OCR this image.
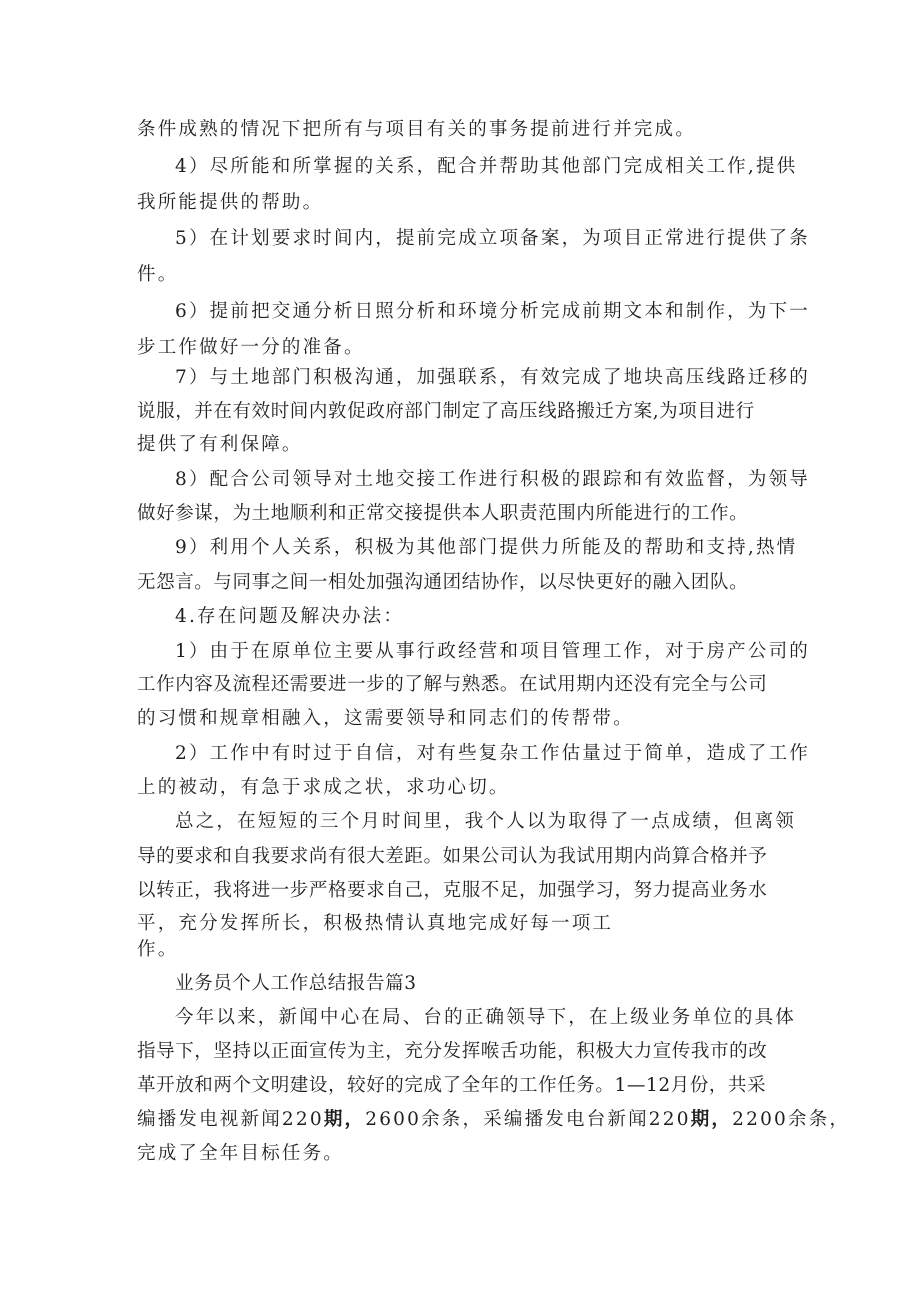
条件成熟的情况下把所有与项目有关的事务提前进行并完成。
4）尽所能和所掌握的关系，配合并帮助其他部门完成相关工作,提供
我所能提供的帮助。
5）在计划要求时间内，提前完成立项备案，为项目正常进行提供了条
件。
6）提前把交通分析日照分析和环境分析完成前期文本和制作，为下一
步工作做好一分的准备。
7）与土地部门积极沟通，加强联系，有效完成了地块高压线路迁移的
说服，并在有效时间内敦促政府部门制定了高压线路搬迁方案,为项目进行
提供了有利保障。
8）配合公司领导对土地交接工作进行积极的跟踪和有效监督，为领导
做好参谋，为土地顺利和正常交接提供本人职责范围内所能进行的工作。
9）利用个人关系，积极为其他部门提供力所能及的帮助和支持,热情
无怨言。与同事之间一相处加强沟通团结协作，以尽快更好的融入团队。
4.存在问题及解决办法：
1）由于在原单位主要从事行政经营和项目管理工作，对于房产公司的
工作内容及流程还需要进一步的了解与熟悉。在试用期内还没有完全与公司
的习惯和规章相融入，这需要领导和同志们的传帮带。
2）工作中有时过于自信，对有些复杂工作估量过于简单，造成了工作
上的被动，有急于求成之状，求功心切。
总之，在短短的三个月时间里，我个人以为取得了一点成绩，但离领
导的要求和自我要求尚有很大差距。如果公司认为我试用期内尚算合格并予
以转正，我将进一步严格要求自己，克服不足，加强学习，努力提高业务水
平，充分发挥所长，积极热情认真地完成好每一项工
作。
业务员个人工作总结报告篇3
今年以来，新闻中心在局、台的正确领导下，在上级业务单位的具体
指导下，坚持以正面宣传为主，充分发挥喉舌功能，积极大力宣传我市的改
革开放和两个文明建设，较好的完成了全年的工作任务。1—12月份，共采
编播发电视新闻220期，2600余条，采编播发电台新闻220期，2200余条，
完成了全年目标任务。
